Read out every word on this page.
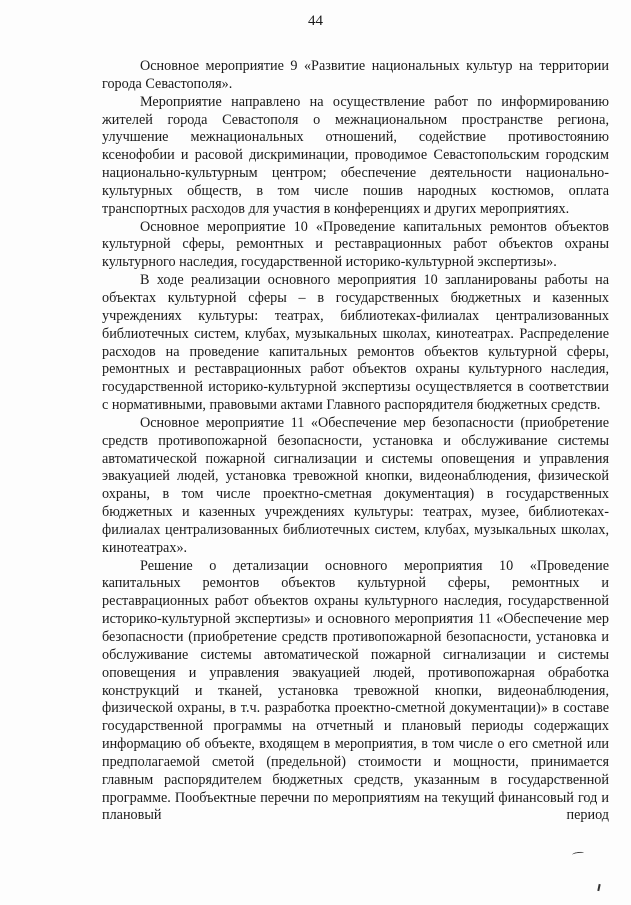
44

Основное мероприятие 9 «Развитие национальных культур на территории города Севастополя».

Мероприятие направлено на осуществление работ по информированию жителей города Севастополя о межнациональном пространстве региона, улучшение межнациональных отношений, содействие противостоянию ксенофобии и расовой дискриминации, проводимое Севастопольским городским национально-культурным центром; обеспечение деятельности национально-культурных обществ, в том числе пошив народных костюмов, оплата транспортных расходов для участия в конференциях и других мероприятиях.

Основное мероприятие 10 «Проведение капитальных ремонтов объектов культурной сферы, ремонтных и реставрационных работ объектов охраны культурного наследия, государственной историко-культурной экспертизы».

В ходе реализации основного мероприятия 10 запланированы работы на объектах культурной сферы – в государственных бюджетных и казенных учреждениях культуры: театрах, библиотеках-филиалах централизованных библиотечных систем, клубах, музыкальных школах, кинотеатрах. Распределение расходов на проведение капитальных ремонтов объектов культурной сферы, ремонтных и реставрационных работ объектов охраны культурного наследия, государственной историко-культурной экспертизы осуществляется в соответствии с нормативными, правовыми актами Главного распорядителя бюджетных средств.

Основное мероприятие 11 «Обеспечение мер безопасности (приобретение средств противопожарной безопасности, установка и обслуживание системы автоматической пожарной сигнализации и системы оповещения и управления эвакуацией людей, установка тревожной кнопки, видеонаблюдения, физической охраны, в том числе проектно-сметная документация) в государственных бюджетных и казенных учреждениях культуры: театрах, музее, библиотеках-филиалах централизованных библиотечных систем, клубах, музыкальных школах, кинотеатрах».

Решение о детализации основного мероприятия 10 «Проведение капитальных ремонтов объектов культурной сферы, ремонтных и реставрационных работ объектов охраны культурного наследия, государственной историко-культурной экспертизы» и основного мероприятия 11 «Обеспечение мер безопасности (приобретение средств противопожарной безопасности, установка и обслуживание системы автоматической пожарной сигнализации и системы оповещения и управления эвакуацией людей, противопожарная обработка конструкций и тканей, установка тревожной кнопки, видеонаблюдения, физической охраны, в т.ч. разработка проектно-сметной документации)» в составе государственной программы на отчетный и плановый периоды содержащих информацию об объекте, входящем в мероприятия, в том числе о его сметной или предполагаемой сметой (предельной) стоимости и мощности, принимается главным распорядителем бюджетных средств, указанным в государственной программе. Пообъектные перечни по мероприятиям на текущий финансовый год и плановый период
